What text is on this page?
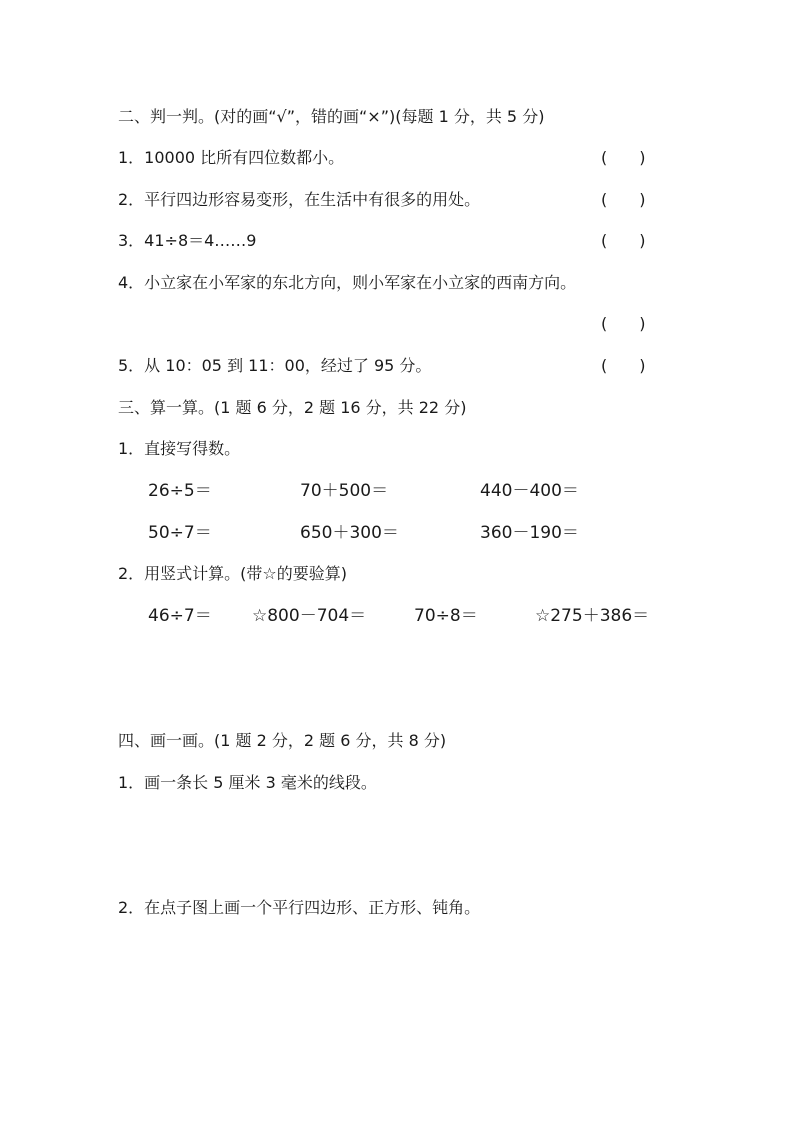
二、判一判。(对的画“√”，错的画“×”)(每题 1 分，共 5 分)
1．10000 比所有四位数都小。	(　　)
2．平行四边形容易变形，在生活中有很多的用处。	(　　)
3．41÷8＝4……9	(　　)
4．小立家在小军家的东北方向，则小军家在小立家的西南方向。
(　　)
5．从 10：05 到 11：00，经过了 95 分。	(　　)
三、算一算。(1 题 6 分，2 题 16 分，共 22 分)
1．直接写得数。
26÷5＝	70＋500＝	440－400＝
50÷7＝	650＋300＝	360－190＝
2．用竖式计算。(带☆的要验算)
46÷7＝ ☆800－704＝	70÷8＝	☆275＋386＝
四、画一画。(1 题 2 分，2 题 6 分，共 8 分)
1．画一条长 5 厘米 3 毫米的线段。
2．在点子图上画一个平行四边形、正方形、钝角。
